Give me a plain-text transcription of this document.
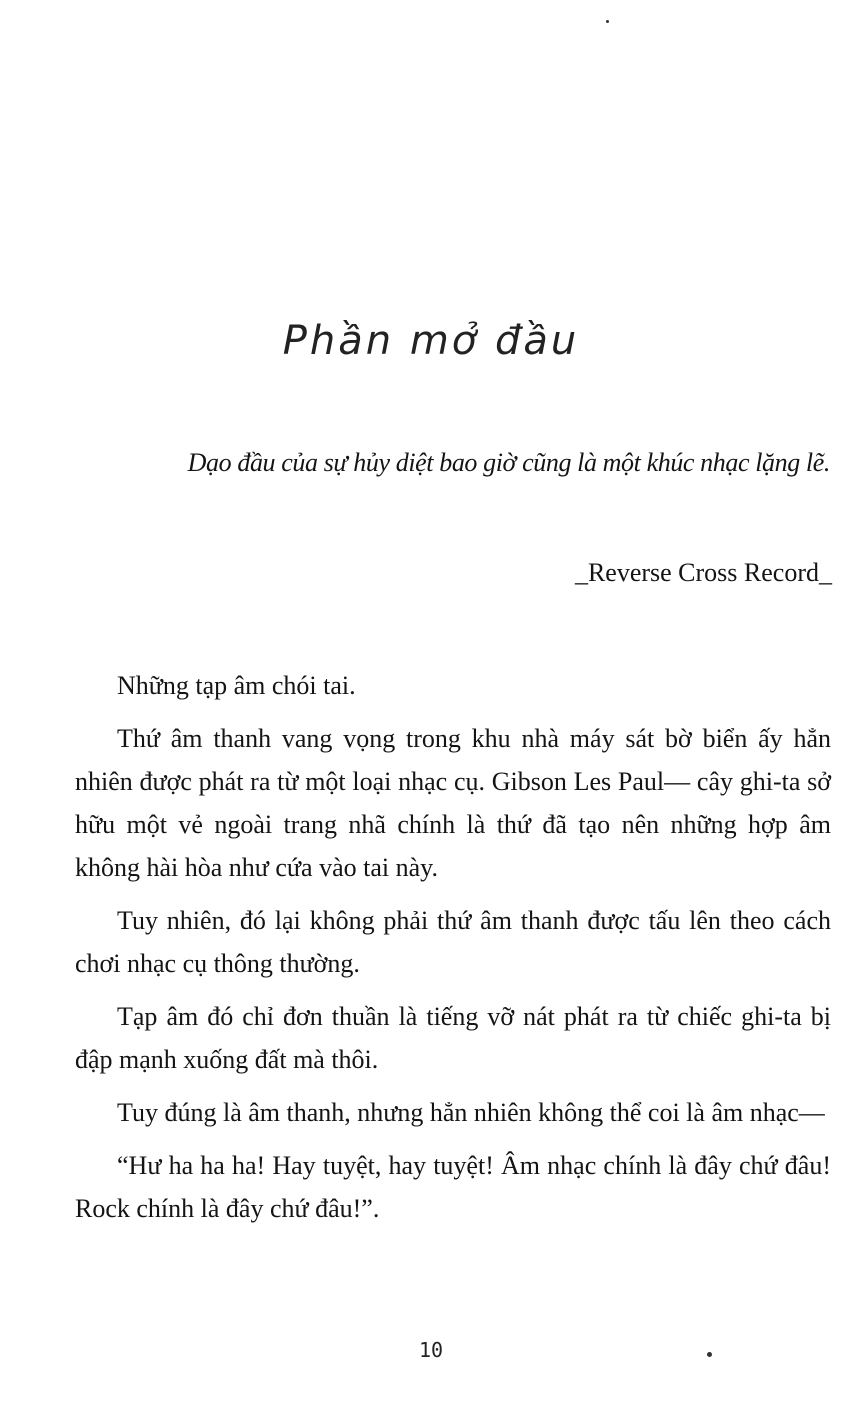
Phần mở đầu
Dạo đầu của sự hủy diệt bao giờ cũng là một khúc nhạc lặng lẽ.
_Reverse Cross Record_

Những tạp âm chói tai.

Thứ âm thanh vang vọng trong khu nhà máy sát bờ biển ấy hẳn nhiên được phát ra từ một loại nhạc cụ. Gibson Les Paul— cây ghi-ta sở hữu một vẻ ngoài trang nhã chính là thứ đã tạo nên những hợp âm không hài hòa như cứa vào tai này.

Tuy nhiên, đó lại không phải thứ âm thanh được tấu lên theo cách chơi nhạc cụ thông thường.

Tạp âm đó chỉ đơn thuần là tiếng vỡ nát phát ra từ chiếc ghi-ta bị đập mạnh xuống đất mà thôi.

Tuy đúng là âm thanh, nhưng hẳn nhiên không thể coi là âm nhạc—

“Hư ha ha ha! Hay tuyệt, hay tuyệt! Âm nhạc chính là đây chứ đâu! Rock chính là đây chứ đâu!”.

10
